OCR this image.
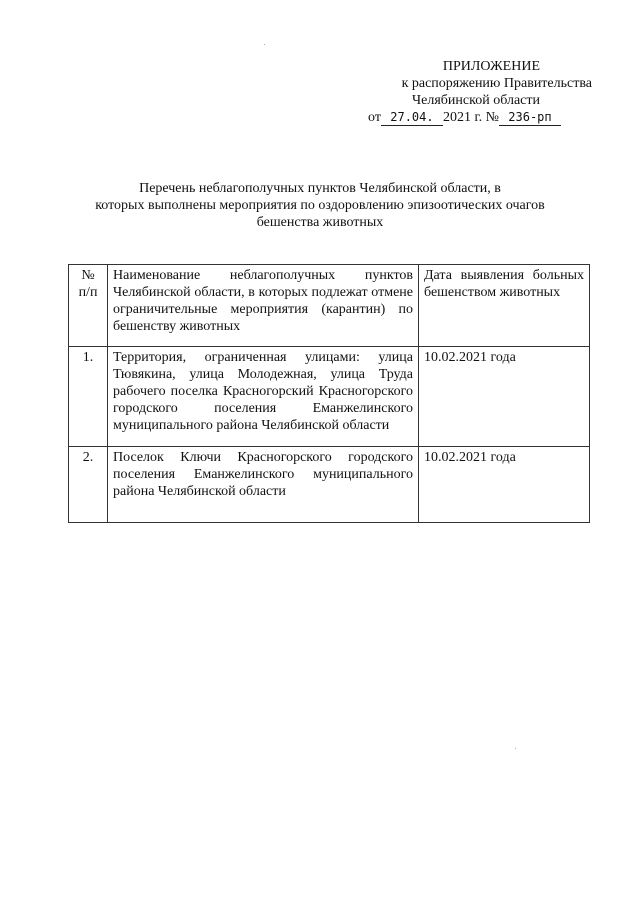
ПРИЛОЖЕНИЕ
к распоряжению Правительства
Челябинской области
от 27.04. 2021 г. № 236-рп
Перечень неблагополучных пунктов Челябинской области, в
которых выполнены мероприятия по оздоровлению эпизоотических очагов
бешенства животных
№ п/п	Наименование неблагополучных пунктов Челябинской области, в которых подлежат отмене ограничительные мероприятия (карантин) по бешенству животных	Дата выявления больных бешенством животных
1.	Территория, ограниченная улицами: улица Тювякина, улица Молодежная, улица Труда рабочего поселка Красногорский Красногорского городского поселения Еманжелинского муниципального района Челябинской области	10.02.2021 года
2.	Поселок Ключи Красногорского городского поселения Еманжелинского муниципального района Челябинской области	10.02.2021 года
